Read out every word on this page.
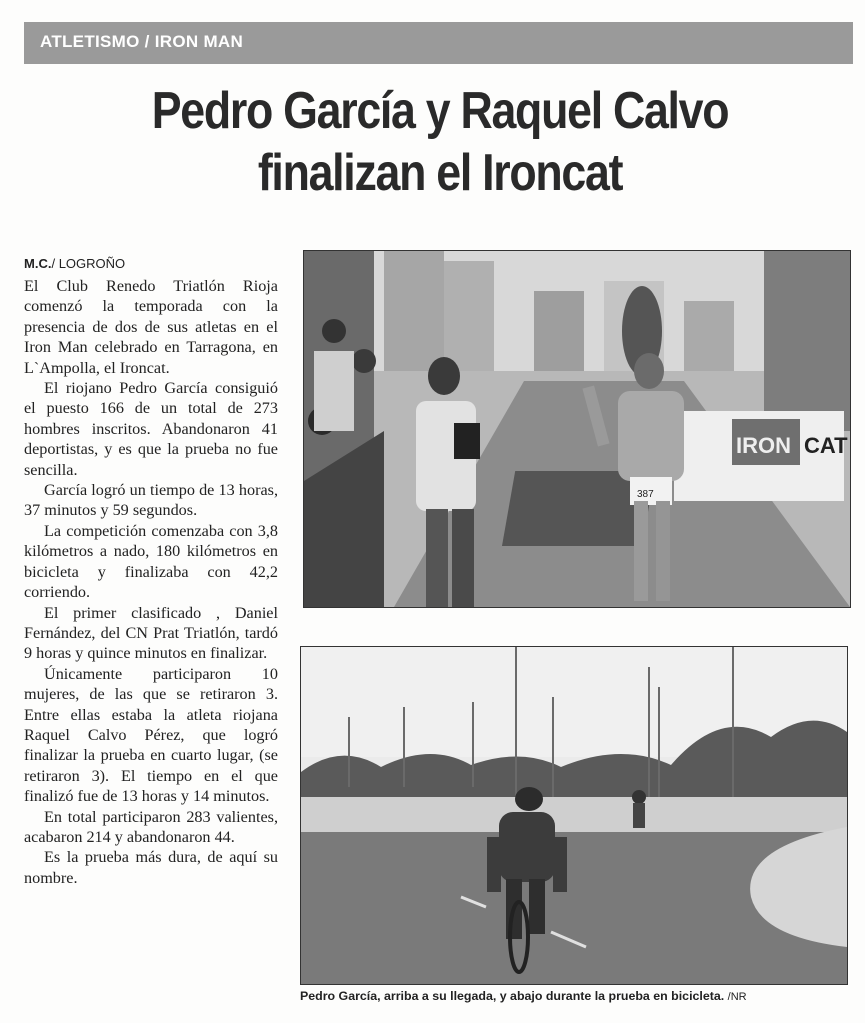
ATLETISMO / IRON MAN
Pedro García y Raquel Calvo
finalizan el Ironcat
M.C./ LOGROÑO

El Club Renedo Triatlón Rioja comenzó la temporada con la presencia de dos de sus atletas en el Iron Man celebrado en Tarragona, en L`Ampolla, el Ironcat.

El riojano Pedro García consiguió el puesto 166 de un total de 273 hombres inscritos. Abandonaron 41 deportistas, y es que la prueba no fue sencilla.

García logró un tiempo de 13 horas, 37 minutos y 59 segundos.

La competición comenzaba con 3,8 kilómetros a nado, 180 kilómetros en bicicleta y finalizaba con 42,2 corriendo.

El primer clasificado , Daniel Fernández, del CN Prat Triatlón, tardó 9 horas y quince minutos en finalizar.

Únicamente participaron 10 mujeres, de las que se retiraron 3. Entre ellas estaba la atleta riojana Raquel Calvo Pérez, que logró finalizar la prueba en cuarto lugar, (se retiraron 3). El tiempo en el que finalizó fue de 13 horas y 14 minutos.

En total participaron 283 valientes, acabaron 214 y abandonaron 44.

Es la prueba más dura, de aquí su nombre.

IRON CAT
387
Pedro García, arriba a su llegada, y abajo durante la prueba en bicicleta. /NR
